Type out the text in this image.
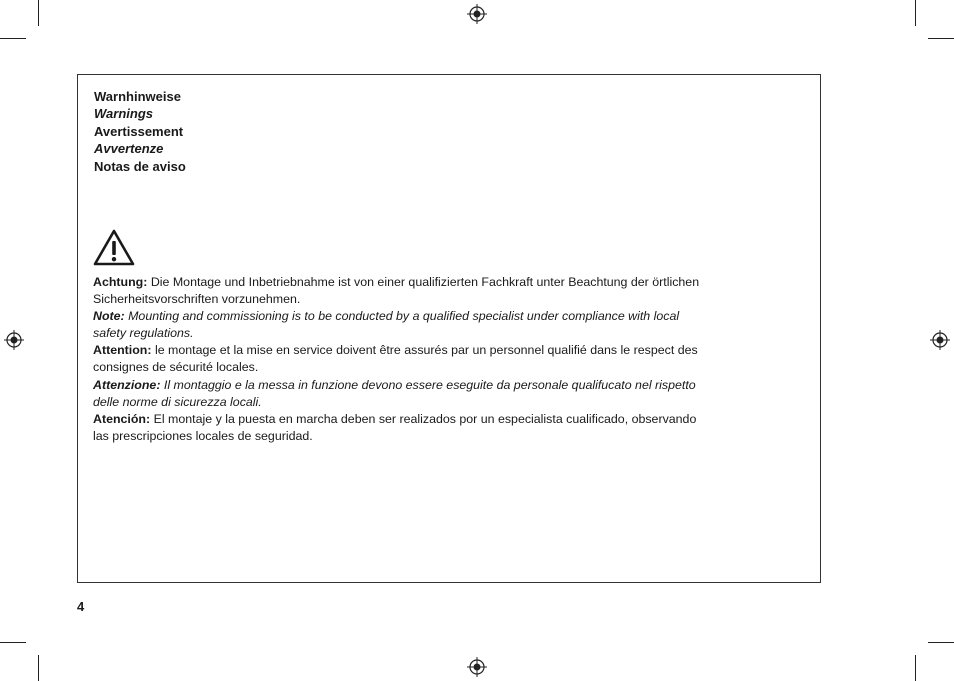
Warnhinweise
Warnings
Avertissement
Avvertenze
Notas de aviso

Achtung: Die Montage und Inbetriebnahme ist von einer qualifizierten Fachkraft unter Beachtung der örtlichen Sicherheitsvorschriften vorzunehmen.

Note: Mounting and commissioning is to be conducted by a qualified specialist under compliance with local safety regulations.

Attention: le montage et la mise en service doivent être assurés par un personnel qualifié dans le respect des consignes de sécurité locales.

Attenzione: Il montaggio e la messa in funzione devono essere eseguite da personale qualifucato nel rispetto delle norme di sicurezza locali.

Atención: El montaje y la puesta en marcha deben ser realizados por un especialista cualificado, observando las prescripciones locales de seguridad.

4
